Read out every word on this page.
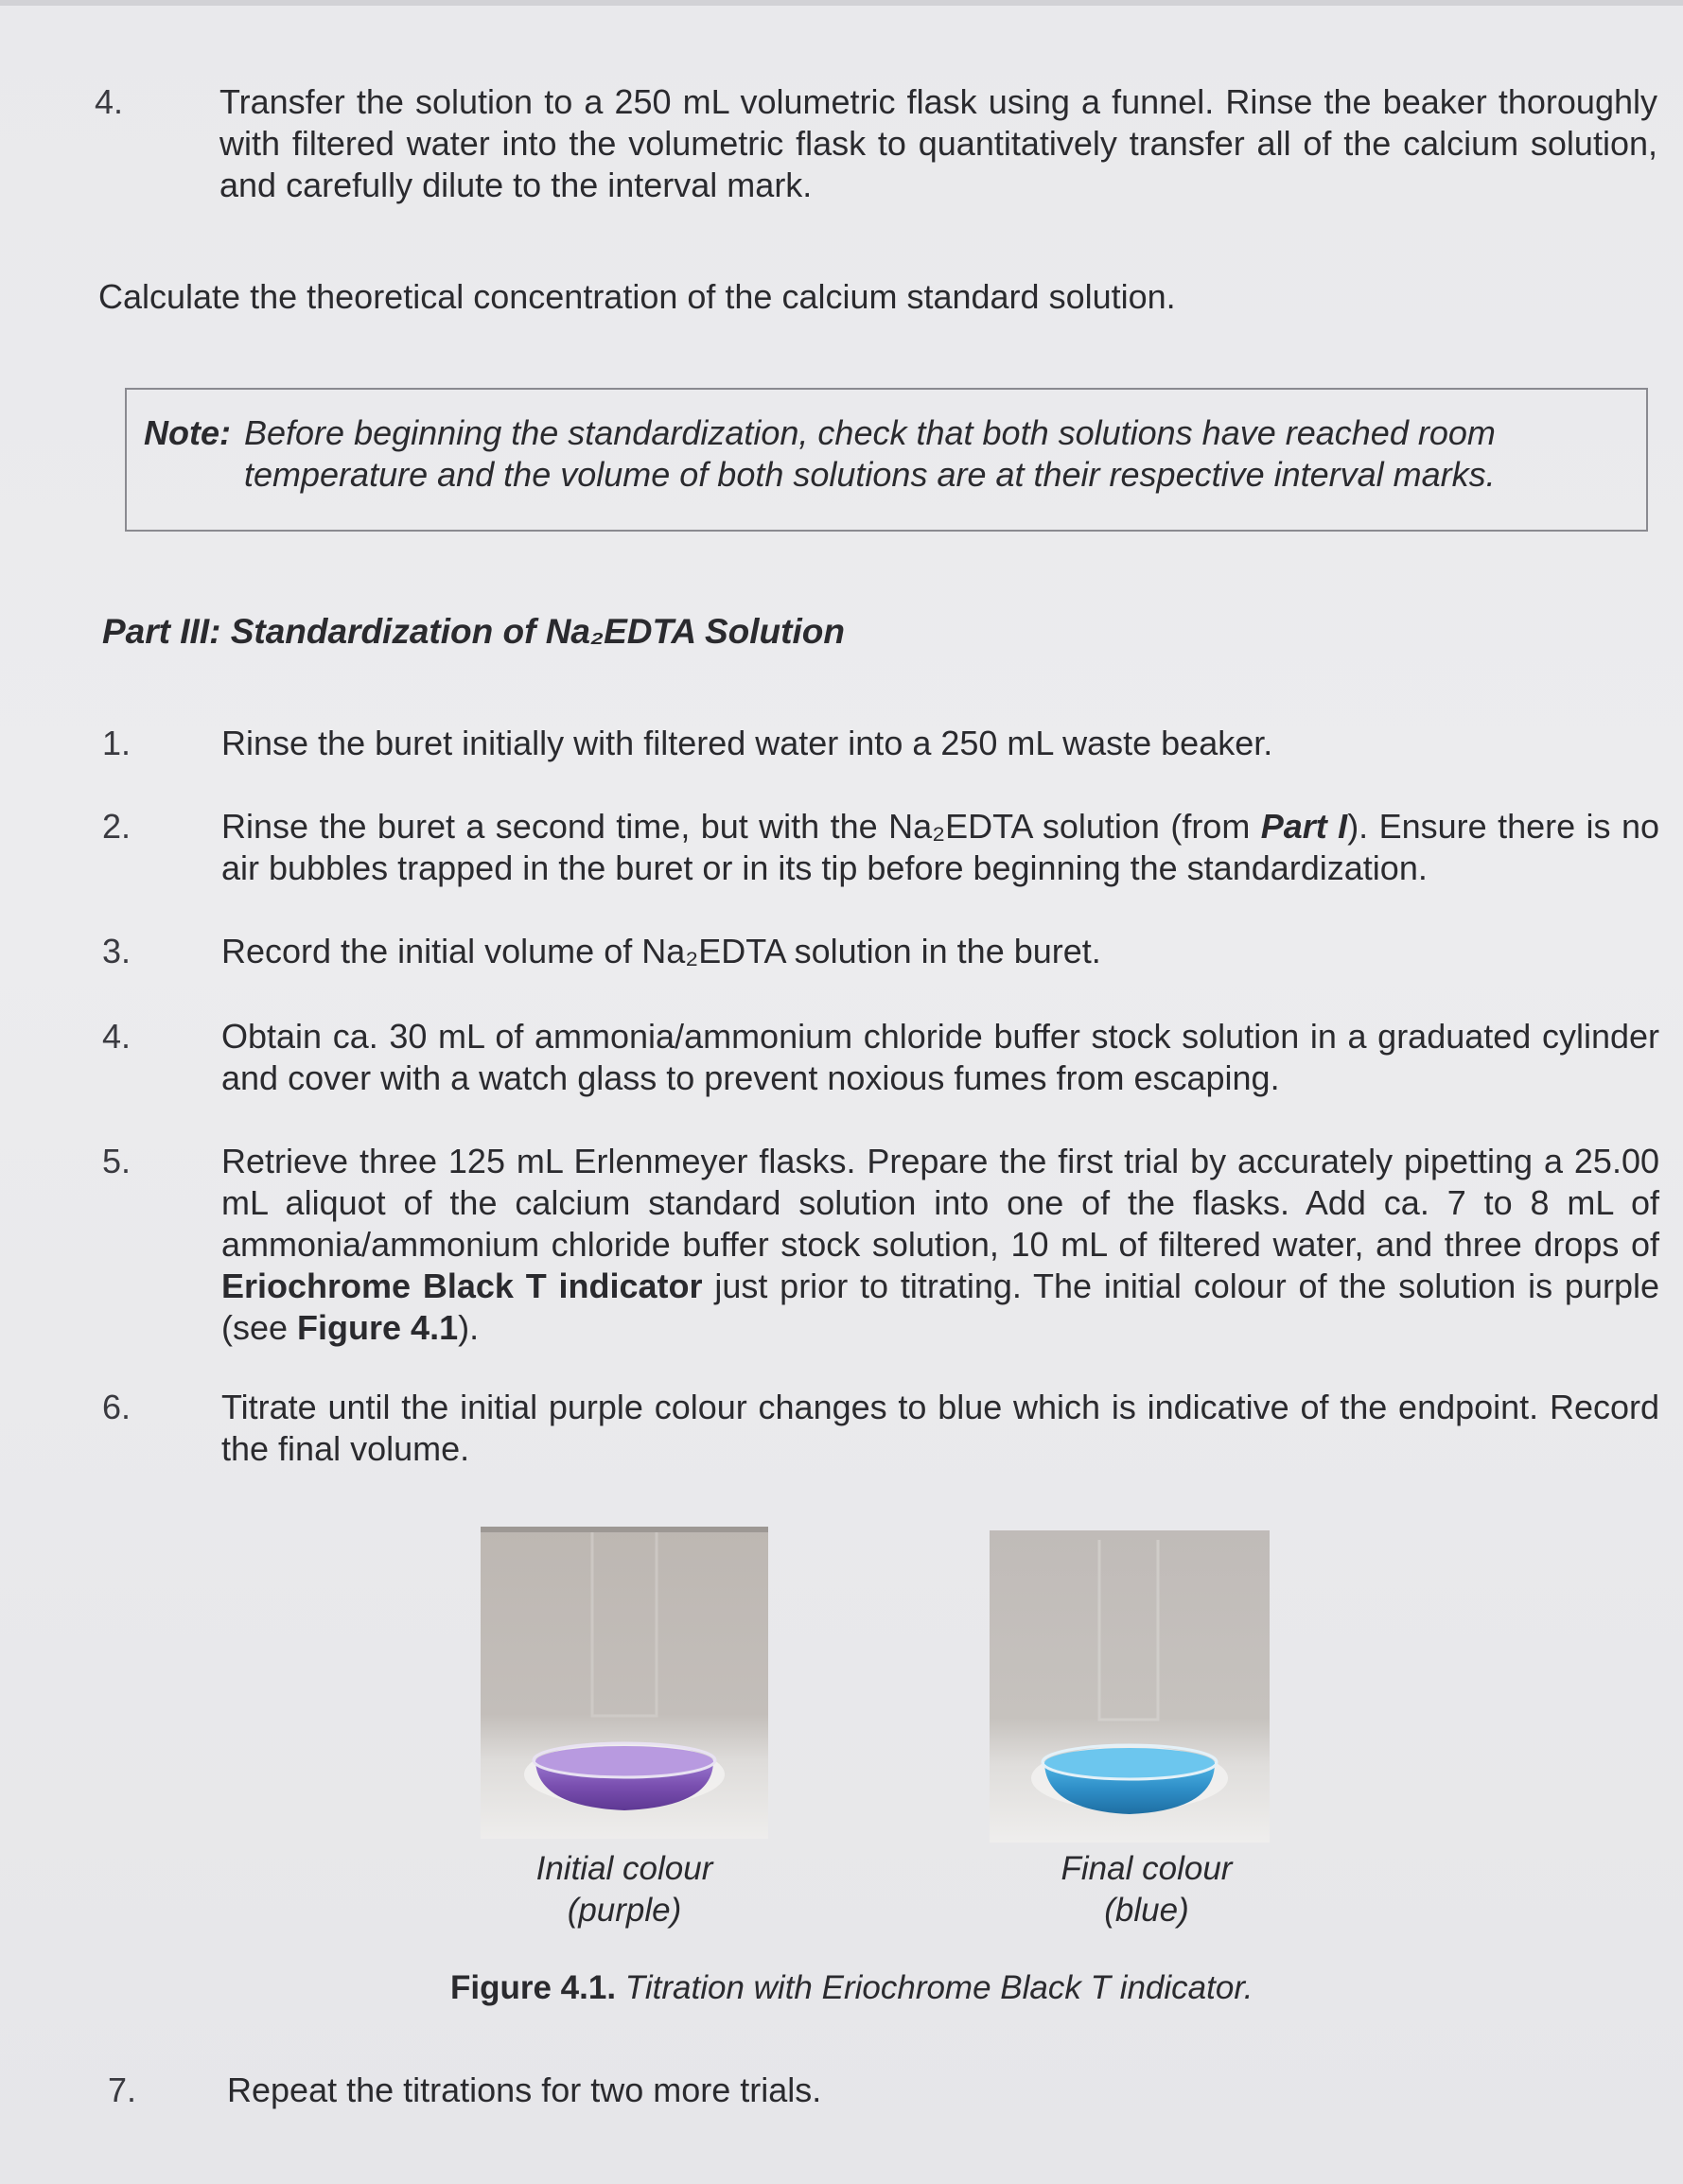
4.	Transfer the solution to a 250 mL volumetric flask using a funnel. Rinse the beaker thoroughly with filtered water into the volumetric flask to quantitatively transfer all of the calcium solution, and carefully dilute to the interval mark.
Calculate the theoretical concentration of the calcium standard solution.
Note: Before beginning the standardization, check that both solutions have reached room temperature and the volume of both solutions are at their respective interval marks.
Part III: Standardization of Na₂EDTA Solution
1.	Rinse the buret initially with filtered water into a 250 mL waste beaker.
2.	Rinse the buret a second time, but with the Na₂EDTA solution (from Part I). Ensure there is no air bubbles trapped in the buret or in its tip before beginning the standardization.
3.	Record the initial volume of Na₂EDTA solution in the buret.
4.	Obtain ca. 30 mL of ammonia/ammonium chloride buffer stock solution in a graduated cylinder and cover with a watch glass to prevent noxious fumes from escaping.
5.	Retrieve three 125 mL Erlenmeyer flasks. Prepare the first trial by accurately pipetting a 25.00 mL aliquot of the calcium standard solution into one of the flasks. Add ca. 7 to 8 mL of ammonia/ammonium chloride buffer stock solution, 10 mL of filtered water, and three drops of Eriochrome Black T indicator just prior to titrating. The initial colour of the solution is purple (see Figure 4.1).
6.	Titrate until the initial purple colour changes to blue which is indicative of the endpoint. Record the final volume.
Initial colour
(purple)
Final colour
(blue)
Figure 4.1. Titration with Eriochrome Black T indicator.
7.	Repeat the titrations for two more trials.
